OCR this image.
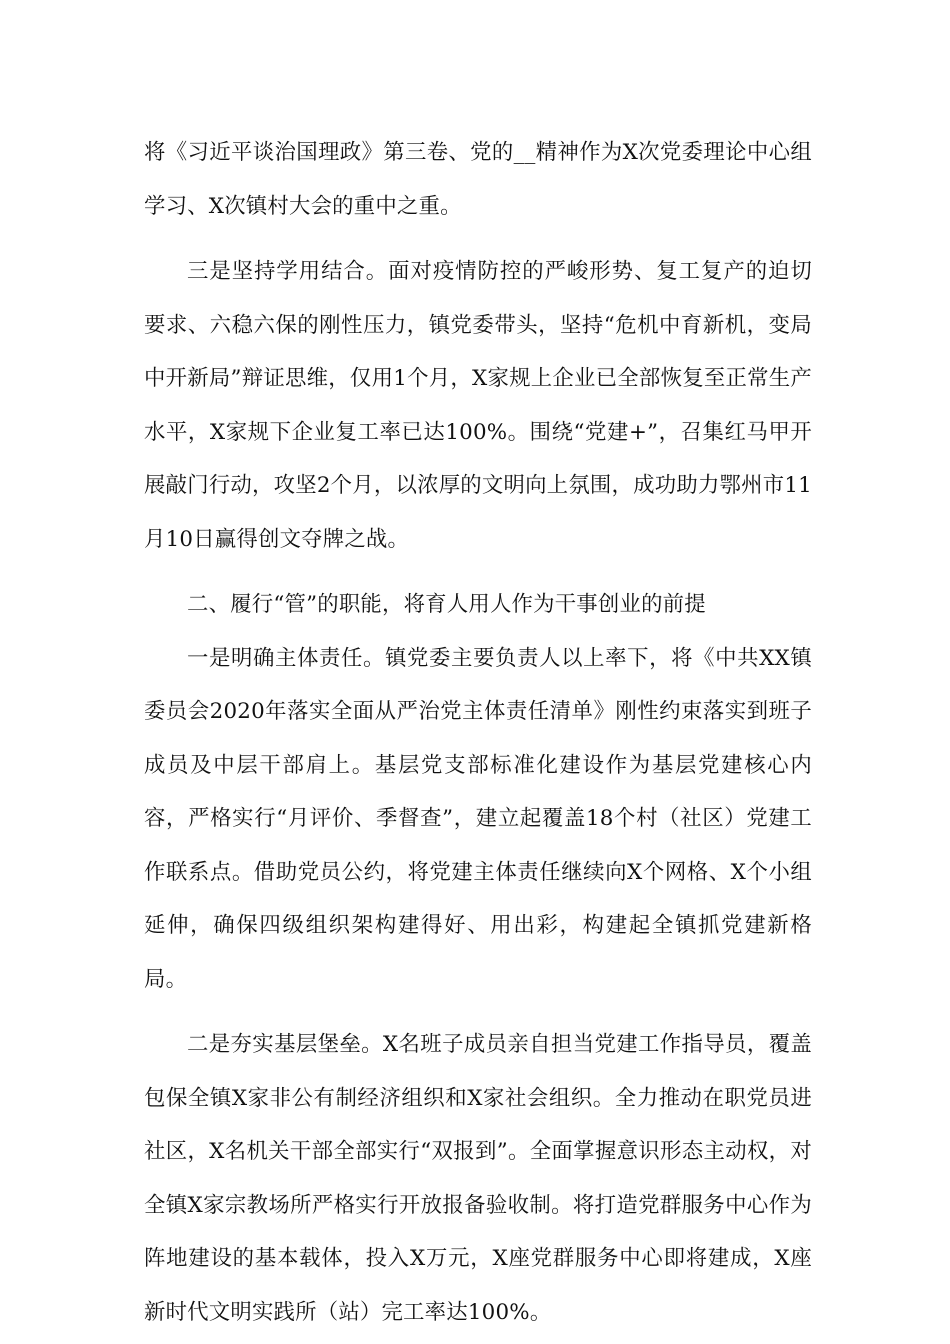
将《习近平谈治国理政》第三卷、党的__精神作为X次党委理论中心组学习、X次镇村大会的重中之重。

三是坚持学用结合。面对疫情防控的严峻形势、复工复产的迫切要求、六稳六保的刚性压力，镇党委带头，坚持“危机中育新机，变局中开新局”辩证思维，仅用1个月，X家规上企业已全部恢复至正常生产水平，X家规下企业复工率已达100%。围绕“党建+”，召集红马甲开展敲门行动，攻坚2个月，以浓厚的文明向上氛围，成功助力鄂州市11月10日赢得创文夺牌之战。

二、履行“管”的职能，将育人用人作为干事创业的前提

一是明确主体责任。镇党委主要负责人以上率下，将《中共XX镇委员会2020年落实全面从严治党主体责任清单》刚性约束落实到班子成员及中层干部肩上。基层党支部标准化建设作为基层党建核心内容，严格实行“月评价、季督查”，建立起覆盖18个村（社区）党建工作联系点。借助党员公约，将党建主体责任继续向X个网格、X个小组延伸，确保四级组织架构建得好、用出彩，构建起全镇抓党建新格局。

二是夯实基层堡垒。X名班子成员亲自担当党建工作指导员，覆盖包保全镇X家非公有制经济组织和X家社会组织。全力推动在职党员进社区，X名机关干部全部实行“双报到”。全面掌握意识形态主动权，对全镇X家宗教场所严格实行开放报备验收制。将打造党群服务中心作为阵地建设的基本载体，投入X万元，X座党群服务中心即将建成，X座新时代文明实践所（站）完工率达100%。
